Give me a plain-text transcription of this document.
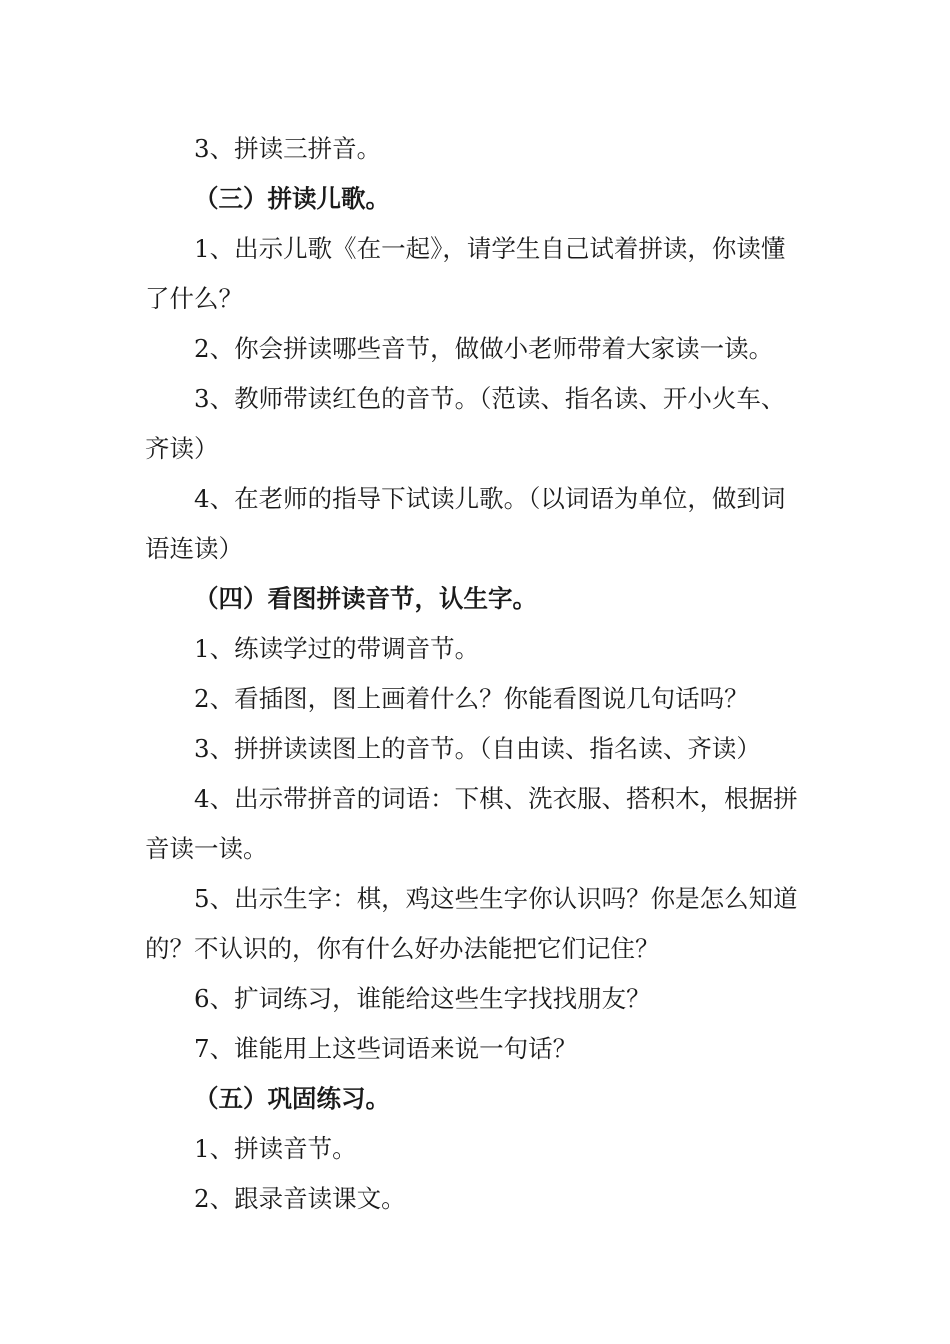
3、拼读三拼音。

（三）拼读儿歌。

1、出示儿歌《在一起》，请学生自己试着拼读，你读懂了什么？

2、你会拼读哪些音节，做做小老师带着大家读一读。

3、教师带读红色的音节。（范读、指名读、开小火车、齐读）

4、在老师的指导下试读儿歌。（以词语为单位，做到词语连读）

（四）看图拼读音节，认生字。

1、练读学过的带调音节。

2、看插图，图上画着什么？你能看图说几句话吗？

3、拼拼读读图上的音节。（自由读、指名读、齐读）

4、出示带拼音的词语：下棋、洗衣服、搭积木，根据拼音读一读。

5、出示生字：棋，鸡这些生字你认识吗？你是怎么知道的？不认识的，你有什么好办法能把它们记住？

6、扩词练习，谁能给这些生字找找朋友？

7、谁能用上这些词语来说一句话？

（五）巩固练习。

1、拼读音节。

2、跟录音读课文。
